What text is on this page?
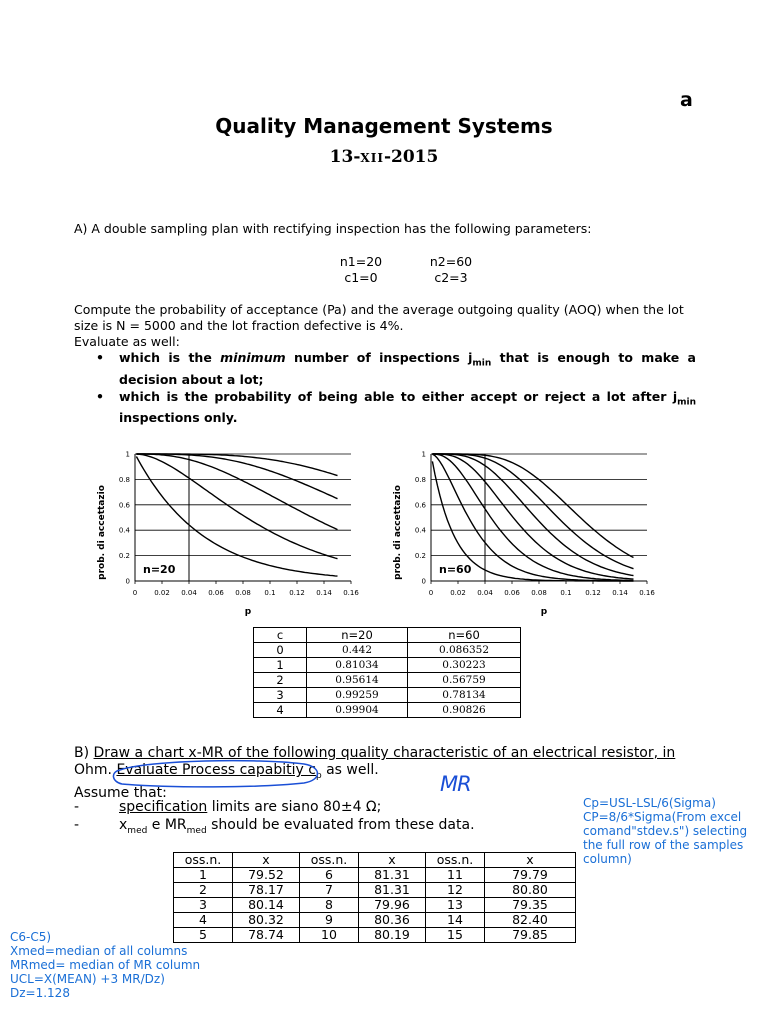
a
Quality Management Systems
13-XII-2015
A) A double sampling plan with rectifying inspection has the following parameters:
n1=20
c1=0
n2=60
c2=3
Compute the probability of acceptance (Pa) and the average outgoing quality (AOQ) when the lot
size is N = 5000 and the lot fraction defective is 4%.
Evaluate as well:
• which is the minimum number of inspections $j_{min}$ that is enough to make a decision about a lot;
• which is the probability of being able to either accept or reject a lot after $j_{min}$ inspections only.
0
0.2
0.4
0.6
0.8
1
0 0.02 0.04 0.06 0.08 0.1 0.12 0.14 0.16
n=20
p
prob. di accettazio
0
0.2
0.4
0.6
0.8
1
0 0.02 0.04 0.06 0.08 0.1 0.12 0.14 0.16
n=60
p
prob. di accettazio
c	n=20	n=60
0	0.442	0.086352
1	0.81034	0.30223
2	0.95614	0.56759
3	0.99259	0.78134
4	0.99904	0.90826
B) Draw a chart x-MR of the following quality characteristic of an electrical resistor, in
Ohm. Evaluate Process capabitiy $c_p$ as well.
Assume that:
-	specification limits are siano 80±4 Ω;
-	$x_{med}$ e $MR_{med}$ should be evaluated from these data.
MR
oss.n.	x	oss.n.	x	oss.n.	x
1	79.52	6	81.31	11	79.79
2	78.17	7	81.31	12	80.80
3	80.14	8	79.96	13	79.35
4	80.32	9	80.36	14	82.40
5	78.74	10	80.19	15	79.85
Cp=USL-LSL/6(Sigma)
CP=8/6*Sigma(From excel
comand"stdev.s") selecting
the full row of the samples
column)
C6-C5)
Xmed=median of all columns
MRmed= median of MR column
UCL=X(MEAN) +3 MR/Dz)
Dz=1.128
